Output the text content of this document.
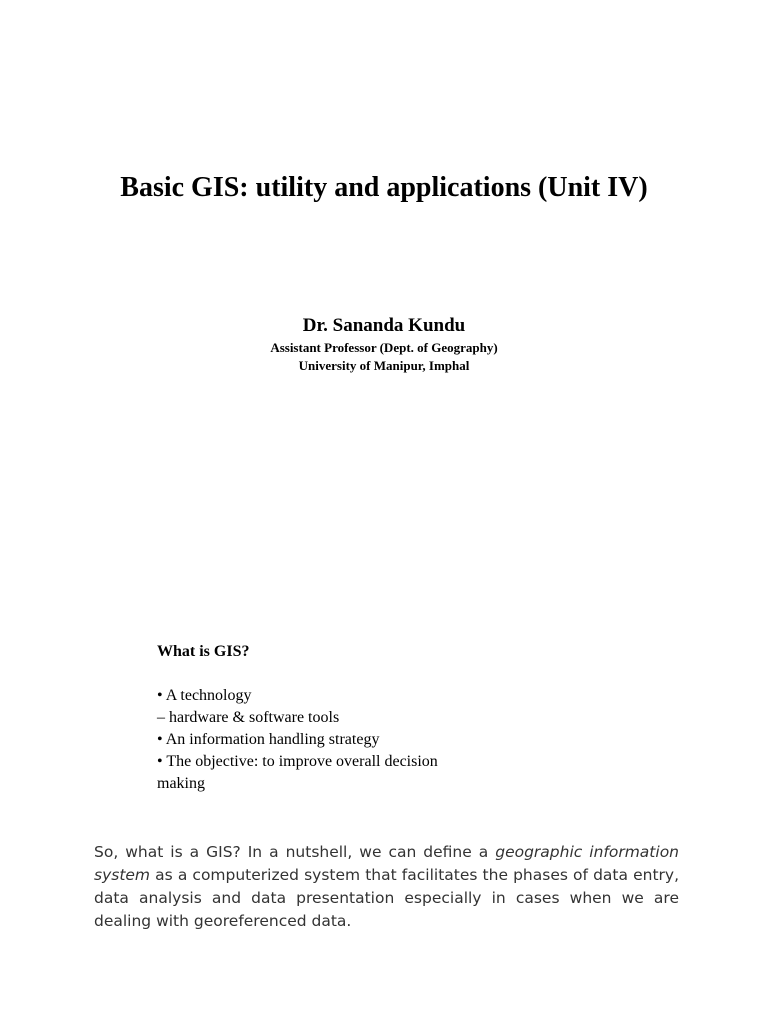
Basic GIS: utility and applications (Unit IV)
Dr. Sananda Kundu
Assistant Professor (Dept. of Geography)
University of Manipur, Imphal
What is GIS?
• A technology
– hardware & software tools
• An information handling strategy
• The objective: to improve overall decision
making
So, what is a GIS? In a nutshell, we can define a geographic information system as a computerized system that facilitates the phases of data entry, data analysis and data presentation especially in cases when we are dealing with georeferenced data.
